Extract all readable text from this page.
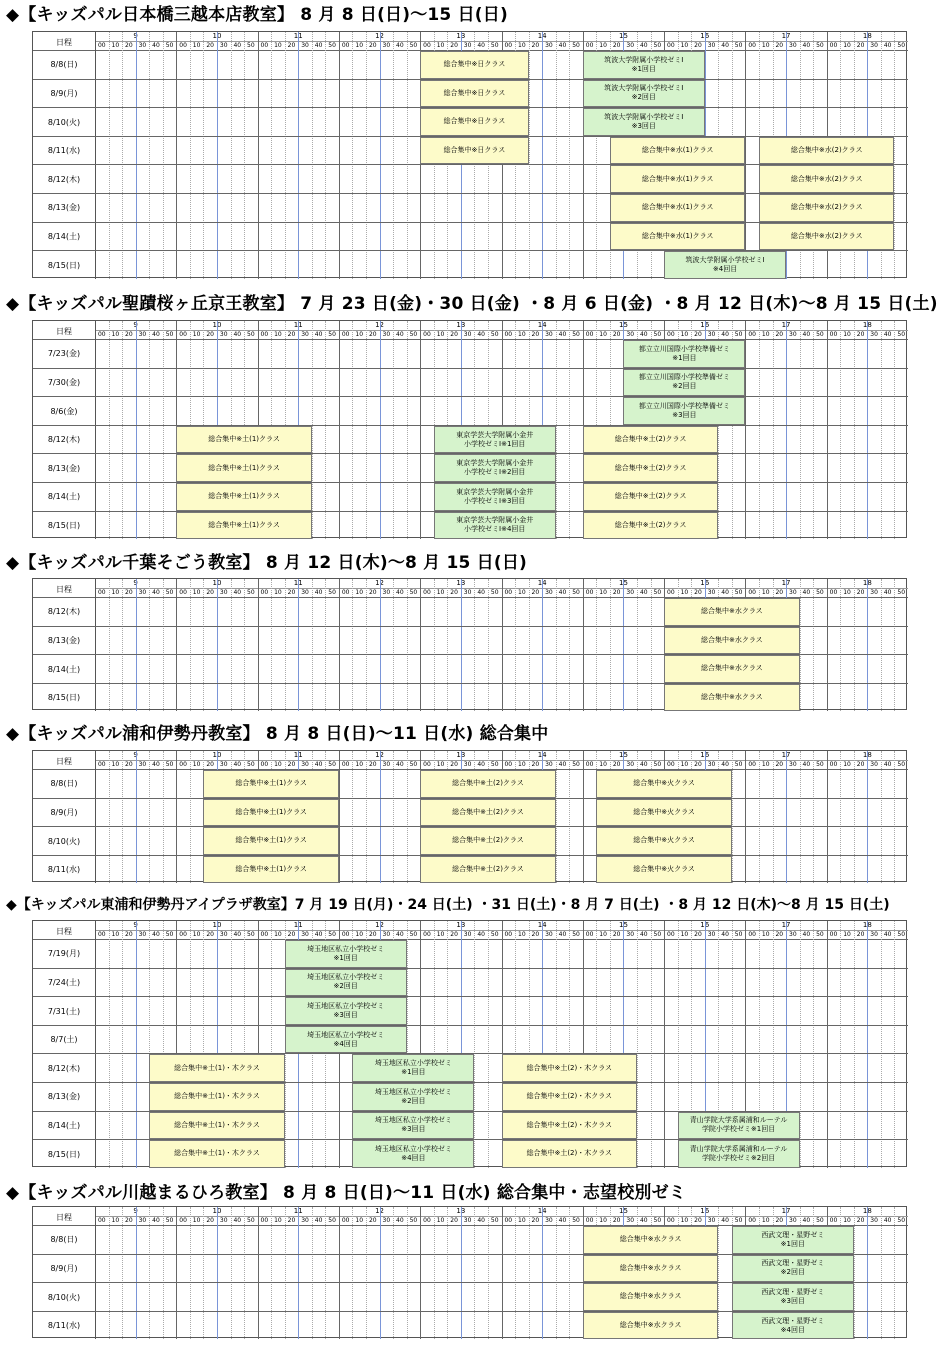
◆【キッズパル日本橋三越本店教室】 8 月 8 日(日)～15 日(日)
日程
9
00 10 20 30 40 50
10
00 10 20 30 40 50
11
00 10 20 30 40 50
12
00 10 20 30 40 50
13
00 10 20 30 40 50
14
00 10 20 30 40 50
15
00 10 20 30 40 50
16
00 10 20 30 40 50
17
00 10 20 30 40 50
18
00 10 20 30 40 50
8/8(日)
8/9(月)
8/10(火)
8/11(水)
8/12(木)
8/13(金)
8/14(土)
8/15(日)
総合集中※日クラス
総合集中※日クラス
総合集中※日クラス
総合集中※日クラス
筑波大学附属小学校ゼミⅠ
※1回目
筑波大学附属小学校ゼミⅠ
※2回目
筑波大学附属小学校ゼミⅠ
※3回目
総合集中※水(1)クラス
総合集中※水(1)クラス
総合集中※水(1)クラス
総合集中※水(1)クラス
総合集中※水(2)クラス
総合集中※水(2)クラス
総合集中※水(2)クラス
総合集中※水(2)クラス
筑波大学附属小学校ゼミⅠ
※4回目
◆【キッズパル聖蹟桜ヶ丘京王教室】 7 月 23 日(金)・30 日(金) ・8 月 6 日(金) ・8 月 12 日(木)～8 月 15 日(土)
日程
9
00 10 20 30 40 50
10
00 10 20 30 40 50
11
00 10 20 30 40 50
12
00 10 20 30 40 50
13
00 10 20 30 40 50
14
00 10 20 30 40 50
15
00 10 20 30 40 50
16
00 10 20 30 40 50
17
00 10 20 30 40 50
18
00 10 20 30 40 50
7/23(金)
7/30(金)
8/6(金)
8/12(木)
8/13(金)
8/14(土)
8/15(日)
都立立川国際小学校準備ゼミ
※1回目
都立立川国際小学校準備ゼミ
※2回目
都立立川国際小学校準備ゼミ
※3回目
総合集中※土(1)クラス
総合集中※土(1)クラス
総合集中※土(1)クラス
総合集中※土(1)クラス
東京学芸大学附属小金井
小学校ゼミⅠ※1回目
東京学芸大学附属小金井
小学校ゼミⅠ※2回目
東京学芸大学附属小金井
小学校ゼミⅠ※3回目
東京学芸大学附属小金井
小学校ゼミⅠ※4回目
総合集中※土(2)クラス
総合集中※土(2)クラス
総合集中※土(2)クラス
総合集中※土(2)クラス
◆【キッズパル千葉そごう教室】 8 月 12 日(木)～8 月 15 日(日)
日程
9
00 10 20 30 40 50
10
00 10 20 30 40 50
11
00 10 20 30 40 50
12
00 10 20 30 40 50
13
00 10 20 30 40 50
14
00 10 20 30 40 50
15
00 10 20 30 40 50
16
00 10 20 30 40 50
17
00 10 20 30 40 50
18
00 10 20 30 40 50
8/12(木)
8/13(金)
8/14(土)
8/15(日)
総合集中※水クラス
総合集中※水クラス
総合集中※水クラス
総合集中※水クラス
◆【キッズパル浦和伊勢丹教室】 8 月 8 日(日)～11 日(水) 総合集中
日程
9
00 10 20 30 40 50
10
00 10 20 30 40 50
11
00 10 20 30 40 50
12
00 10 20 30 40 50
13
00 10 20 30 40 50
14
00 10 20 30 40 50
15
00 10 20 30 40 50
16
00 10 20 30 40 50
17
00 10 20 30 40 50
18
00 10 20 30 40 50
8/8(日)
8/9(月)
8/10(火)
8/11(水)
総合集中※土(1)クラス
総合集中※土(1)クラス
総合集中※土(1)クラス
総合集中※土(1)クラス
総合集中※土(2)クラス
総合集中※土(2)クラス
総合集中※土(2)クラス
総合集中※土(2)クラス
総合集中※火クラス
総合集中※火クラス
総合集中※火クラス
総合集中※火クラス
◆【キッズパル東浦和伊勢丹アイプラザ教室】7 月 19 日(月)・24 日(土) ・31 日(土)・8 月 7 日(土) ・8 月 12 日(木)～8 月 15 日(土)
日程
9
00 10 20 30 40 50
10
00 10 20 30 40 50
11
00 10 20 30 40 50
12
00 10 20 30 40 50
13
00 10 20 30 40 50
14
00 10 20 30 40 50
15
00 10 20 30 40 50
16
00 10 20 30 40 50
17
00 10 20 30 40 50
18
00 10 20 30 40 50
7/19(月)
7/24(土)
7/31(土)
8/7(土)
8/12(木)
8/13(金)
8/14(土)
8/15(日)
埼玉地区私立小学校ゼミ
※1回目
埼玉地区私立小学校ゼミ
※2回目
埼玉地区私立小学校ゼミ
※3回目
埼玉地区私立小学校ゼミ
※4回目
総合集中※土(1)・木クラス
総合集中※土(1)・木クラス
総合集中※土(1)・木クラス
総合集中※土(1)・木クラス
埼玉地区私立小学校ゼミ
※1回目
埼玉地区私立小学校ゼミ
※2回目
埼玉地区私立小学校ゼミ
※3回目
埼玉地区私立小学校ゼミ
※4回目
総合集中※土(2)・木クラス
総合集中※土(2)・木クラス
総合集中※土(2)・木クラス
総合集中※土(2)・木クラス
青山学院大学系属浦和ルーテル
学院小学校ゼミ※1回目
青山学院大学系属浦和ルーテル
学院小学校ゼミ※2回目
◆【キッズパル川越まるひろ教室】 8 月 8 日(日)～11 日(水) 総合集中・志望校別ゼミ
日程
9
00 10 20 30 40 50
10
00 10 20 30 40 50
11
00 10 20 30 40 50
12
00 10 20 30 40 50
13
00 10 20 30 40 50
14
00 10 20 30 40 50
15
00 10 20 30 40 50
16
00 10 20 30 40 50
17
00 10 20 30 40 50
18
00 10 20 30 40 50
8/8(日)
8/9(月)
8/10(火)
8/11(水)
総合集中※水クラス
総合集中※水クラス
総合集中※水クラス
総合集中※水クラス
西武文理・星野ゼミ
※1回目
西武文理・星野ゼミ
※2回目
西武文理・星野ゼミ
※3回目
西武文理・星野ゼミ
※4回目
